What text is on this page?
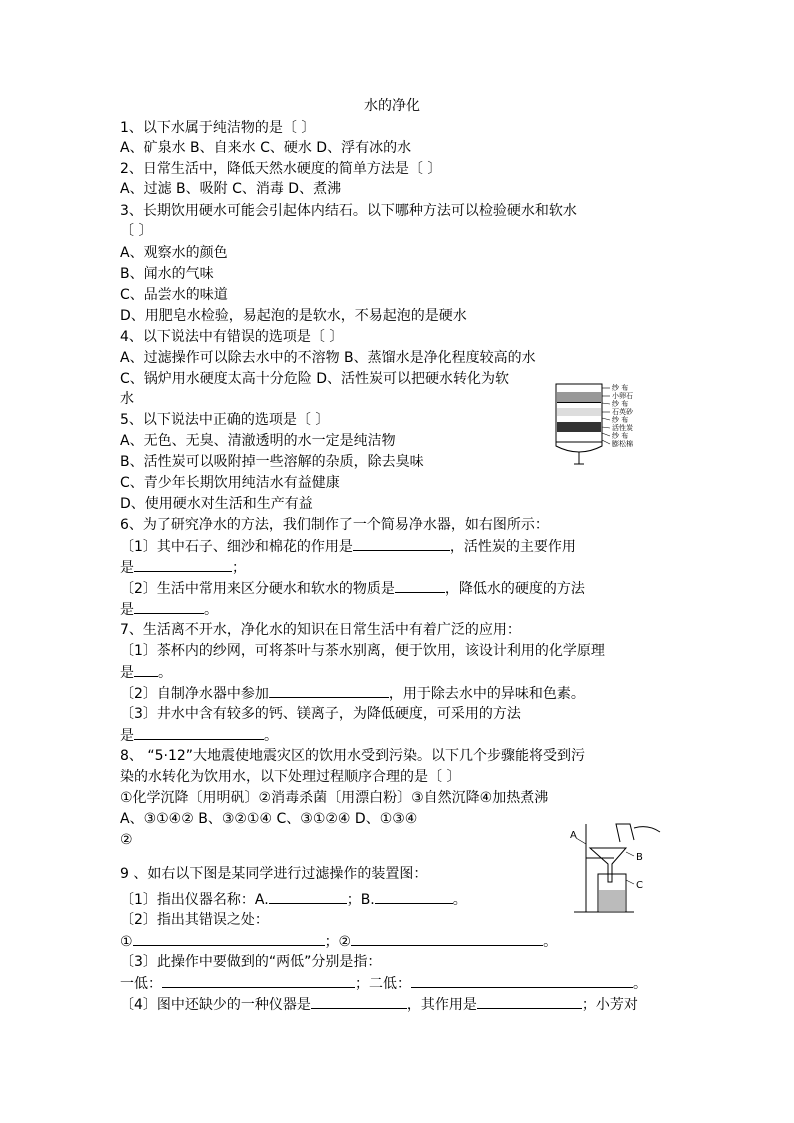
水的净化
1、以下水属于纯洁物的是〔 〕
A、矿泉水 B、自来水 C、硬水 D、浮有冰的水
2、日常生活中，降低天然水硬度的简单方法是〔 〕
A、过滤 B、吸附 C、消毒 D、煮沸
3、长期饮用硬水可能会引起体内结石。以下哪种方法可以检验硬水和软水
〔 〕
A、观察水的颜色
B、闻水的气味
C、品尝水的味道
D、用肥皂水检验，易起泡的是软水，不易起泡的是硬水
4、以下说法中有错误的选项是〔 〕
A、过滤操作可以除去水中的不溶物 B、蒸馏水是净化程度较高的水
C、锅炉用水硬度太高十分危险 D、活性炭可以把硬水转化为软
水
5、以下说法中正确的选项是〔 〕
A、无色、无臭、清澈透明的水一定是纯洁物
B、活性炭可以吸附掉一些溶解的杂质，除去臭味
C、青少年长期饮用纯洁水有益健康
D、使用硬水对生活和生产有益
6、为了研究净水的方法，我们制作了一个简易净水器，如右图所示：
〔1〕其中石子、细沙和棉花的作用是	，活性炭的主要作用
是	；
〔2〕生活中常用来区分硬水和软水的物质是	，降低水的硬度的方法
是	。
7、生活离不开水，净化水的知识在日常生活中有着广泛的应用：
〔1〕茶杯内的纱网，可将茶叶与茶水别离，便于饮用，该设计利用的化学原理
是 。
〔2〕自制净水器中参加	，用于除去水中的异味和色素。
〔3〕井水中含有较多的钙、镁离子，为降低硬度，可采用的方法
是	。
8、 “5·12”大地震使地震灾区的饮用水受到污染。以下几个步骤能将受到污
染的水转化为饮用水，以下处理过程顺序合理的是〔 〕
①化学沉降〔用明矾〕②消毒杀菌〔用漂白粉〕③自然沉降④加热煮沸
A、③①④② B、③②①④ C、③①②④ D、①③④
②
9 、如右以下图是某同学进行过滤操作的装置图：
〔1〕指出仪器名称：A.	；B.	。
〔2〕指出其错误之处：
①	；②	。
〔3〕此操作中要做到的“两低”分别是指：
一低：	；二低：	。
〔4〕图中还缺少的一种仪器是	，其作用是	；小芳对
纱 布
小卵石
纱 布
石英砂
纱 布
活性炭
纱 布
膨松棉
A
B
C
